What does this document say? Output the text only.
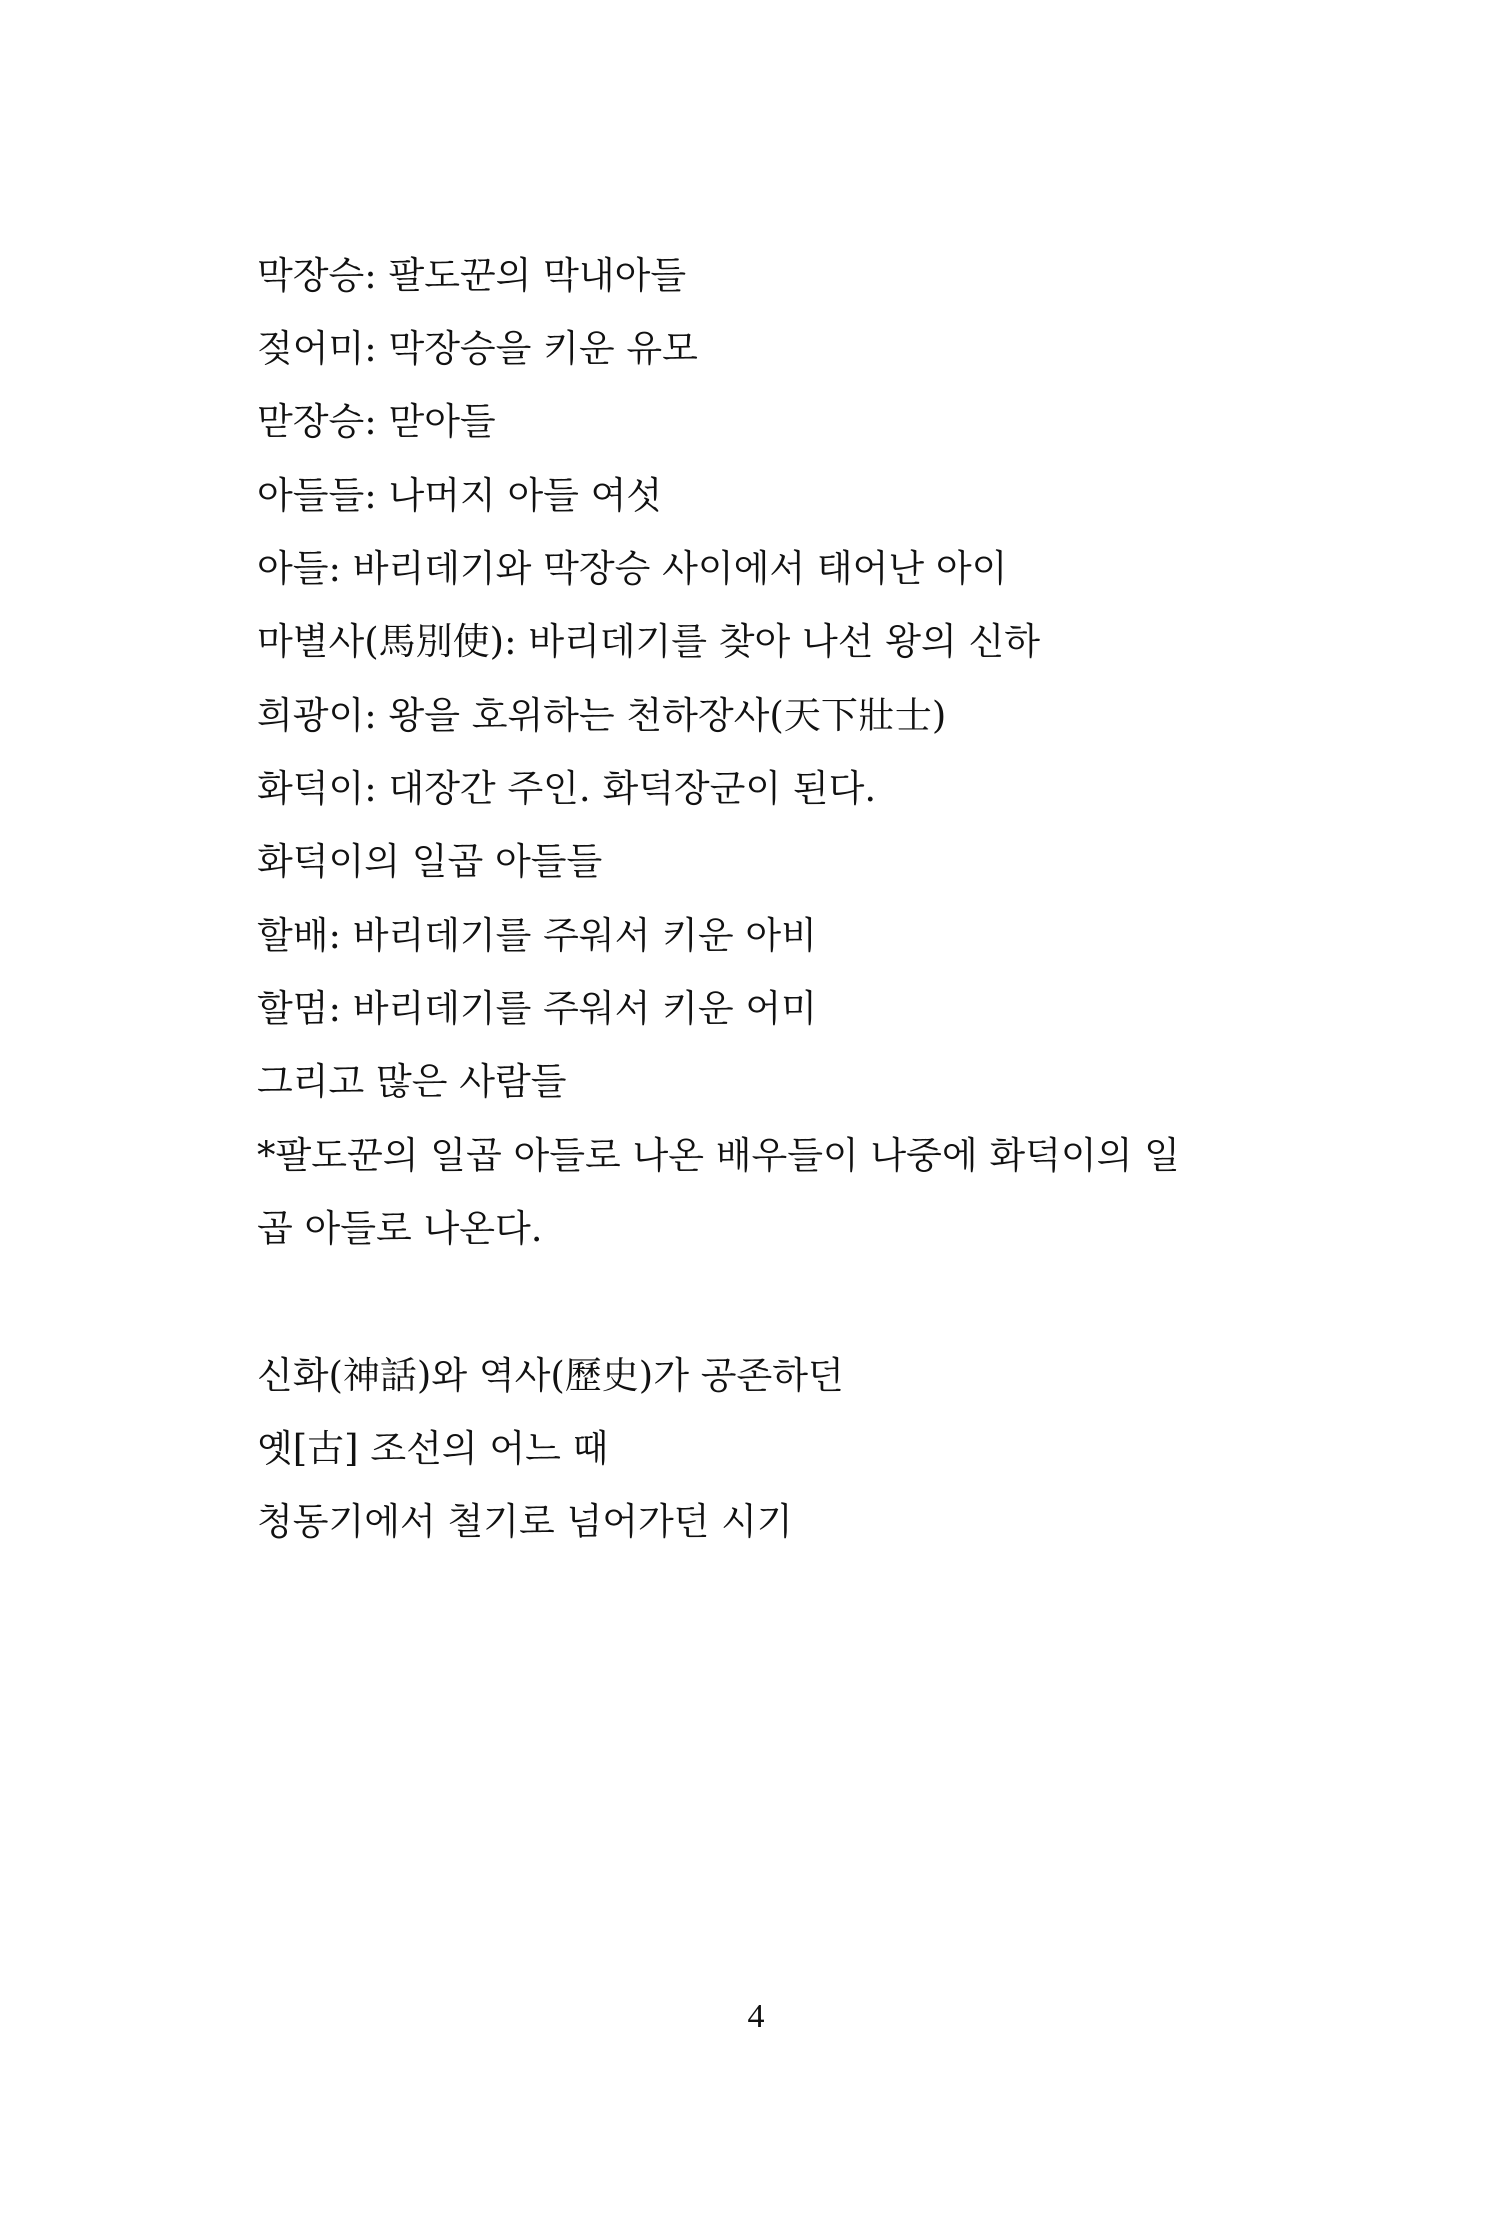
막장승: 팔도꾼의 막내아들
젖어미: 막장승을 키운 유모
맏장승: 맏아들
아들들: 나머지 아들 여섯
아들: 바리데기와 막장승 사이에서 태어난 아이
마별사(馬別使): 바리데기를 찾아 나선 왕의 신하
희광이: 왕을 호위하는 천하장사(天下壯士)
화덕이: 대장간 주인. 화덕장군이 된다.
화덕이의 일곱 아들들
할배: 바리데기를 주워서 키운 아비
할멈: 바리데기를 주워서 키운 어미
그리고 많은 사람들
*팔도꾼의 일곱 아들로 나온 배우들이 나중에 화덕이의 일
곱 아들로 나온다.
신화(神話)와 역사(歷史)가 공존하던
옛[古] 조선의 어느 때
청동기에서 철기로 넘어가던 시기
4
